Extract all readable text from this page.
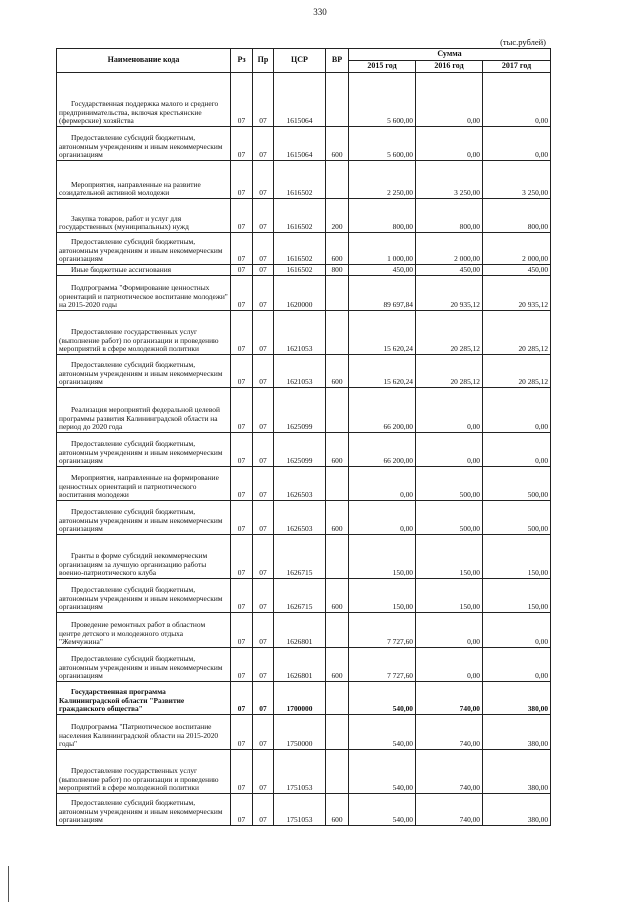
330
(тыс.рублей)
Наименование кода	Рз	Пр	ЦСР	ВР	Сумма		
					2015 год	2016 год	2017 год
Государственная поддержка малого и среднего предпринимательства, включая крестьянские (фермерские) хозяйства	07	07	1615064		5 600,00	0,00	0,00
Предоставление субсидий бюджетным, автономным учреждениям и иным некоммерческим организациям	07	07	1615064	600	5 600,00	0,00	0,00
Мероприятия, направленные на развитие созидательной активной молодежи	07	07	1616502		2 250,00	3 250,00	3 250,00
Закупка товаров, работ и услуг для государственных (муниципальных) нужд	07	07	1616502	200	800,00	800,00	800,00
Предоставление субсидий бюджетным, автономным учреждениям и иным некоммерческим организациям	07	07	1616502	600	1 000,00	2 000,00	2 000,00
Иные бюджетные ассигнования	07	07	1616502	800	450,00	450,00	450,00
Подпрограмма "Формирование ценностных ориентаций и патриотическое воспитание молодежи" на 2015-2020 годы	07	07	1620000		89 697,84	20 935,12	20 935,12
Предоставление государственных услуг (выполнение работ) по организации и проведению мероприятий в сфере молодежной политики	07	07	1621053		15 620,24	20 285,12	20 285,12
Предоставление субсидий бюджетным, автономным учреждениям и иным некоммерческим организациям	07	07	1621053	600	15 620,24	20 285,12	20 285,12
Реализация мероприятий федеральной целевой программы развития Калининградской области на период до 2020 года	07	07	1625099		66 200,00	0,00	0,00
Предоставление субсидий бюджетным, автономным учреждениям и иным некоммерческим организациям	07	07	1625099	600	66 200,00	0,00	0,00
Мероприятия, направленные на формирование ценностных ориентаций и патриотического воспитания молодежи	07	07	1626503		0,00	500,00	500,00
Предоставление субсидий бюджетным, автономным учреждениям и иным некоммерческим организациям	07	07	1626503	600	0,00	500,00	500,00
Гранты в форме субсидий некоммерческим организациям за лучшую организацию работы военно-патриотического клуба	07	07	1626715		150,00	150,00	150,00
Предоставление субсидий бюджетным, автономным учреждениям и иным некоммерческим организациям	07	07	1626715	600	150,00	150,00	150,00
Проведение ремонтных работ в областном центре детского и молодежного отдыха "Жемчужина"	07	07	1626801		7 727,60	0,00	0,00
Предоставление субсидий бюджетным, автономным учреждениям и иным некоммерческим организациям	07	07	1626801	600	7 727,60	0,00	0,00
Государственная программа Калининградской области "Развитие гражданского общества"	07	07	1700000		540,00	740,00	380,00
Подпрограмма "Патриотическое воспитание населения Калининградской области на 2015-2020 годы"	07	07	1750000		540,00	740,00	380,00
Предоставление государственных услуг (выполнение работ) по организации и проведению мероприятий в сфере молодежной политики	07	07	1751053		540,00	740,00	380,00
Предоставление субсидий бюджетным, автономным учреждениям и иным некоммерческим организациям	07	07	1751053	600	540,00	740,00	380,00
